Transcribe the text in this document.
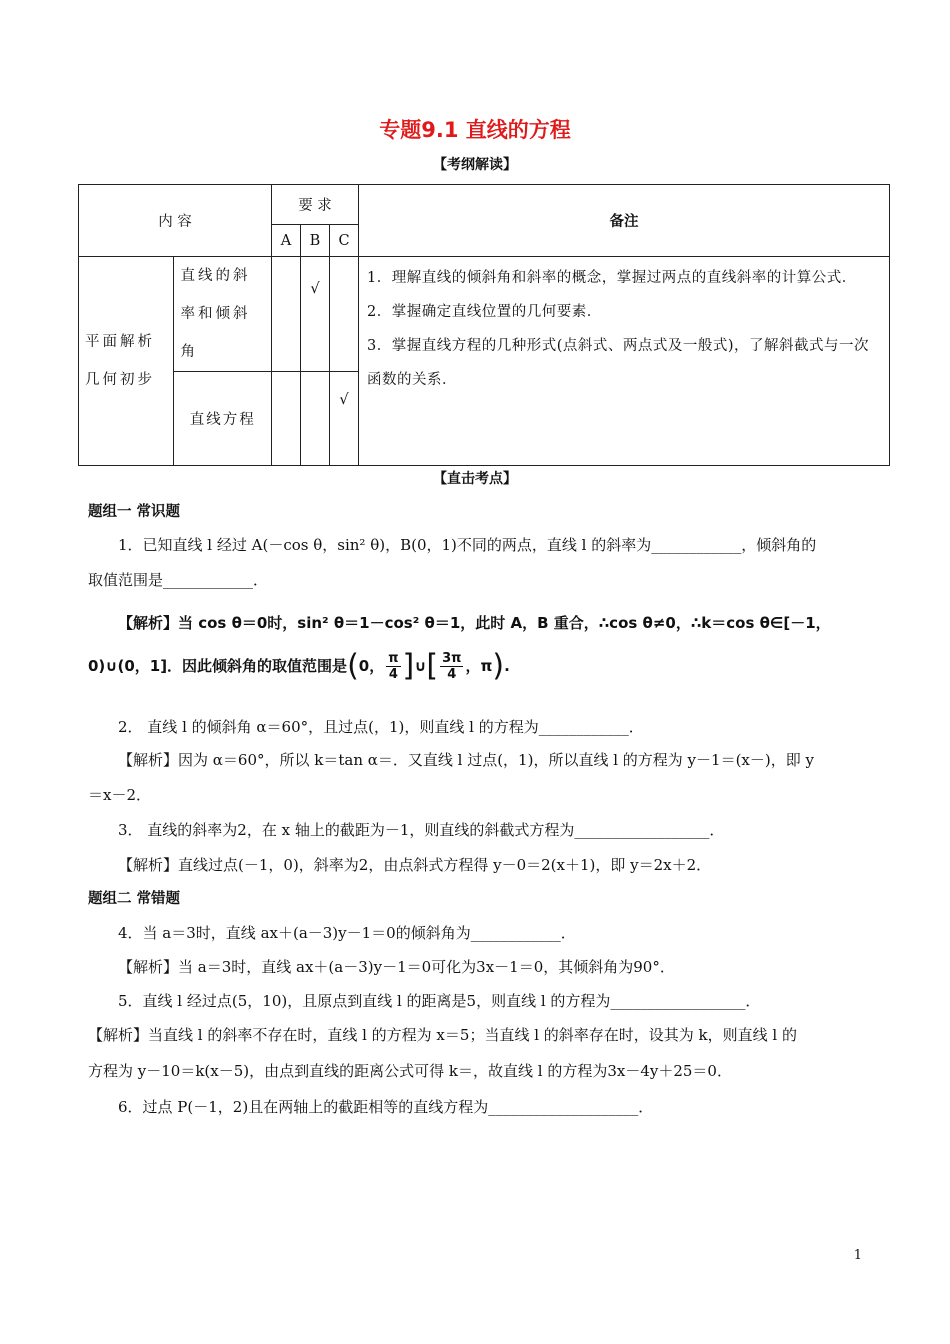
专题9.1 直线的方程
【考纲解读】
内 容		要 求			备注
		A	B	C	
平面解析几何初步	直线的斜率和倾斜角		√		1．理解直线的倾斜角和斜率的概念，掌握过两点的直线斜率的计算公式．
2．掌握确定直线位置的几何要素．
3．掌握直线方程的几种形式(点斜式、两点式及一般式)，了解斜截式与一次函数的关系．

	直线方程			√	
【直击考点】
题组一 常识题
1．已知直线 l 经过 A(－cos θ，sin² θ)，B(0，1)不同的两点，直线 l 的斜率为____________，倾斜角的
取值范围是____________．
【解析】当 cos θ＝0时，sin² θ＝1－cos² θ＝1，此时 A，B 重合，∴cos θ≠0，∴k＝cos θ∈[－1，
0)∪(0，1]．因此倾斜角的取值范围是(0， $\frac{\pi}{4}$ ]∪[ $\frac{3\pi}{4}$ ，π).
2． 直线 l 的倾斜角 α＝60°，且过点(，1)，则直线 l 的方程为____________．
【解析】因为 α＝60°，所以 k＝tan α＝．又直线 l 过点(，1)，所以直线 l 的方程为 y－1＝(x－)，即 y
＝x－2．
3． 直线的斜率为2，在 x 轴上的截距为－1，则直线的斜截式方程为__________________．
【解析】直线过点(－1，0)，斜率为2，由点斜式方程得 y－0＝2(x＋1)，即 y＝2x＋2．
题组二 常错题
4．当 a＝3时，直线 ax＋(a－3)y－1＝0的倾斜角为____________．
【解析】当 a＝3时，直线 ax＋(a－3)y－1＝0可化为3x－1＝0，其倾斜角为90°．
5．直线 l 经过点(5，10)，且原点到直线 l 的距离是5，则直线 l 的方程为__________________．
【解析】当直线 l 的斜率不存在时，直线 l 的方程为 x＝5；当直线 l 的斜率存在时，设其为 k，则直线 l 的
方程为 y－10＝k(x－5)，由点到直线的距离公式可得 k＝，故直线 l 的方程为3x－4y＋25＝0．
6．过点 P(－1，2)且在两轴上的截距相等的直线方程为____________________．
1
